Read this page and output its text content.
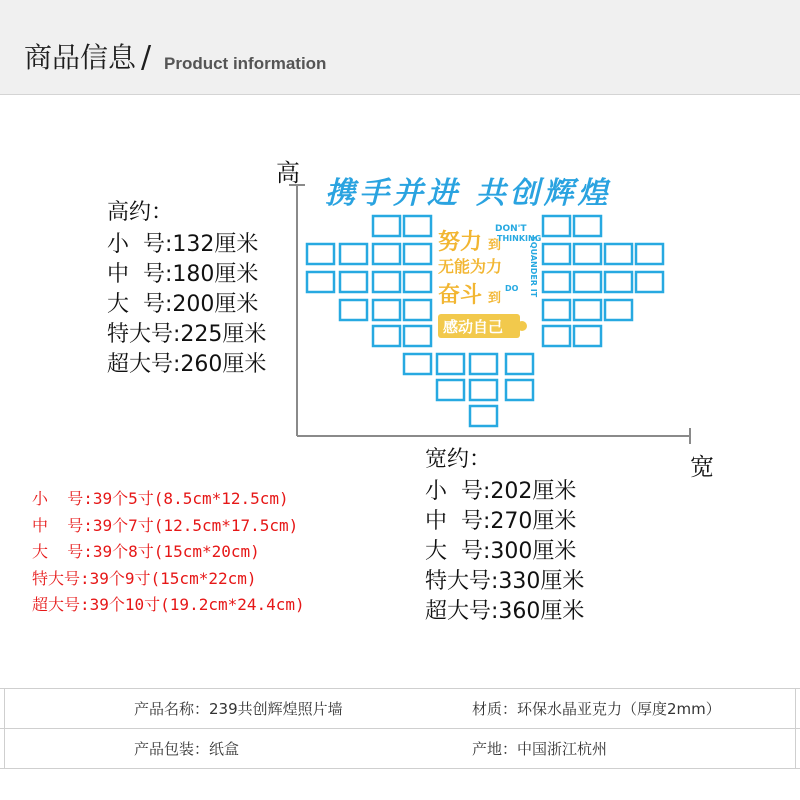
商品信息 / Product information
努力 到
无能为力
奋斗 到
感动自己
DON'T
SQUANDER IT
THINKING
DO
携手并进 共创辉煌
高
宽
高约：
小  号:132厘米
中  号:180厘米
大  号:200厘米
特大号:225厘米
超大号:260厘米
宽约：
小  号:202厘米
中  号:270厘米
大  号:300厘米
特大号:330厘米
超大号:360厘米
小  号:39个5寸(8.5cm*12.5cm)
中  号:39个7寸(12.5cm*17.5cm)
大  号:39个8寸(15cm*20cm)
特大号:39个9寸(15cm*22cm)
超大号:39个10寸(19.2cm*24.4cm)
产品名称：239共创辉煌照片墙	材质：环保水晶亚克力（厚度2mm）
产品包装：纸盒	产地：中国浙江杭州
